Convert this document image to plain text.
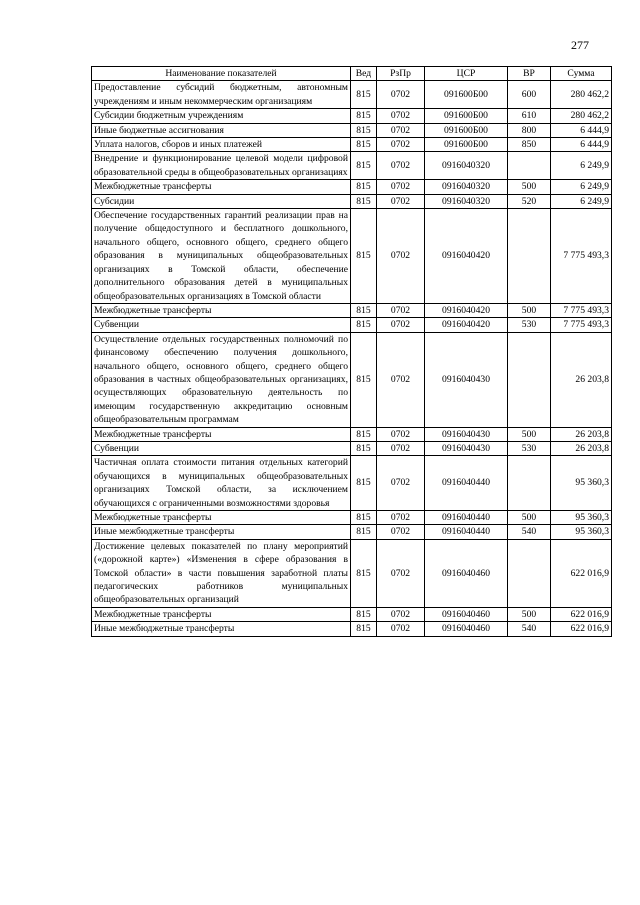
277
Наименование показателей	Вед	РзПр	ЦСР	ВР	Сумма
Предоставление субсидий бюджетным, автономным учреждениям и иным некоммерческим организациям	815	0702	091600Б00	600	280 462,2
Субсидии бюджетным учреждениям	815	0702	091600Б00	610	280 462,2
Иные бюджетные ассигнования	815	0702	091600Б00	800	6 444,9
Уплата налогов, сборов и иных платежей	815	0702	091600Б00	850	6 444,9
Внедрение и функционирование целевой модели цифровой образовательной среды в общеобразовательных организациях	815	0702	0916040320		6 249,9
Межбюджетные трансферты	815	0702	0916040320	500	6 249,9
Субсидии	815	0702	0916040320	520	6 249,9
Обеспечение государственных гарантий реализации прав на получение общедоступного и бесплатного дошкольного, начального общего, основного общего, среднего общего образования в муниципальных общеобразовательных организациях в Томской области, обеспечение дополнительного образования детей в муниципальных общеобразовательных организациях в Томской области	815	0702	0916040420		7 775 493,3
Межбюджетные трансферты	815	0702	0916040420	500	7 775 493,3
Субвенции	815	0702	0916040420	530	7 775 493,3
Осуществление отдельных государственных полномочий по финансовому обеспечению получения дошкольного, начального общего, основного общего, среднего общего образования в частных общеобразовательных организациях, осуществляющих образовательную деятельность по имеющим государственную аккредитацию основным общеобразовательным программам	815	0702	0916040430		26 203,8
Межбюджетные трансферты	815	0702	0916040430	500	26 203,8
Субвенции	815	0702	0916040430	530	26 203,8
Частичная оплата стоимости питания отдельных категорий обучающихся в муниципальных общеобразовательных организациях Томской области, за исключением обучающихся с ограниченными возможностями здоровья	815	0702	0916040440		95 360,3
Межбюджетные трансферты	815	0702	0916040440	500	95 360,3
Иные межбюджетные трансферты	815	0702	0916040440	540	95 360,3
Достижение целевых показателей по плану мероприятий («дорожной карте») «Изменения в сфере образования в Томской области» в части повышения заработной платы педагогических работников муниципальных общеобразовательных организаций	815	0702	0916040460		622 016,9
Межбюджетные трансферты	815	0702	0916040460	500	622 016,9
Иные межбюджетные трансферты	815	0702	0916040460	540	622 016,9
